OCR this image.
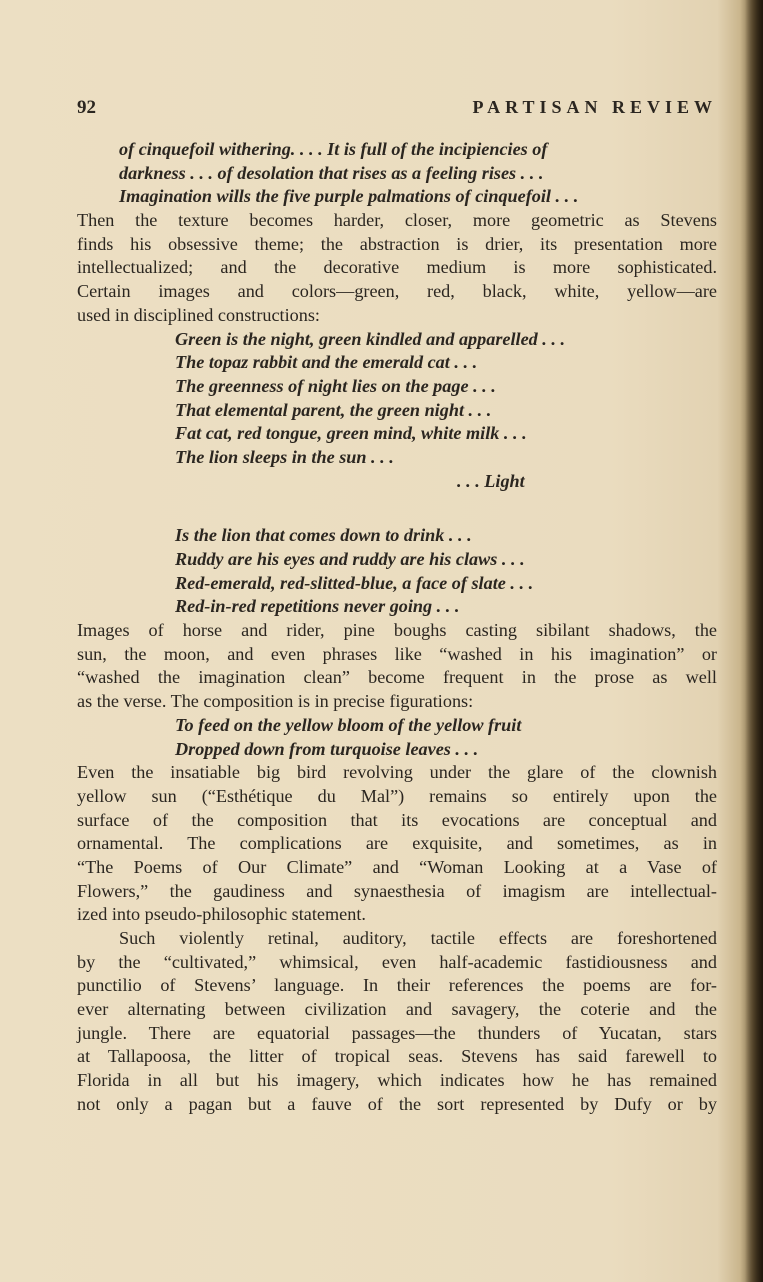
92	PARTISAN REVIEW
of cinquefoil withering. . . . It is full of the incipiencies of
darkness . . . of desolation that rises as a feeling rises . . .
Imagination wills the five purple palmations of cinquefoil . . .
Then the texture becomes harder, closer, more geometric as Stevens
finds his obsessive theme; the abstraction is drier, its presentation more
intellectualized; and the decorative medium is more sophisticated.
Certain images and colors—green, red, black, white, yellow—are
used in disciplined constructions:
Green is the night, green kindled and apparelled . . .
The topaz rabbit and the emerald cat . . .
The greenness of night lies on the page . . .
That elemental parent, the green night . . .
Fat cat, red tongue, green mind, white milk . . .
The lion sleeps in the sun . . .
. . . Light
Is the lion that comes down to drink . . .
Ruddy are his eyes and ruddy are his claws . . .
Red-emerald, red-slitted-blue, a face of slate . . .
Red-in-red repetitions never going . . .
Images of horse and rider, pine boughs casting sibilant shadows, the
sun, the moon, and even phrases like “washed in his imagination” or
“washed the imagination clean” become frequent in the prose as well
as the verse. The composition is in precise figurations:
To feed on the yellow bloom of the yellow fruit
Dropped down from turquoise leaves . . .
Even the insatiable big bird revolving under the glare of the clownish
yellow sun (“Esthétique du Mal”) remains so entirely upon the
surface of the composition that its evocations are conceptual and
ornamental. The complications are exquisite, and sometimes, as in
“The Poems of Our Climate” and “Woman Looking at a Vase of
Flowers,” the gaudiness and synaesthesia of imagism are intellectual-
ized into pseudo-philosophic statement.
Such violently retinal, auditory, tactile effects are foreshortened
by the “cultivated,” whimsical, even half-academic fastidiousness and
punctilio of Stevens’ language. In their references the poems are for-
ever alternating between civilization and savagery, the coterie and the
jungle. There are equatorial passages—the thunders of Yucatan, stars
at Tallapoosa, the litter of tropical seas. Stevens has said farewell to
Florida in all but his imagery, which indicates how he has remained
not only a pagan but a fauve of the sort represented by Dufy or by
